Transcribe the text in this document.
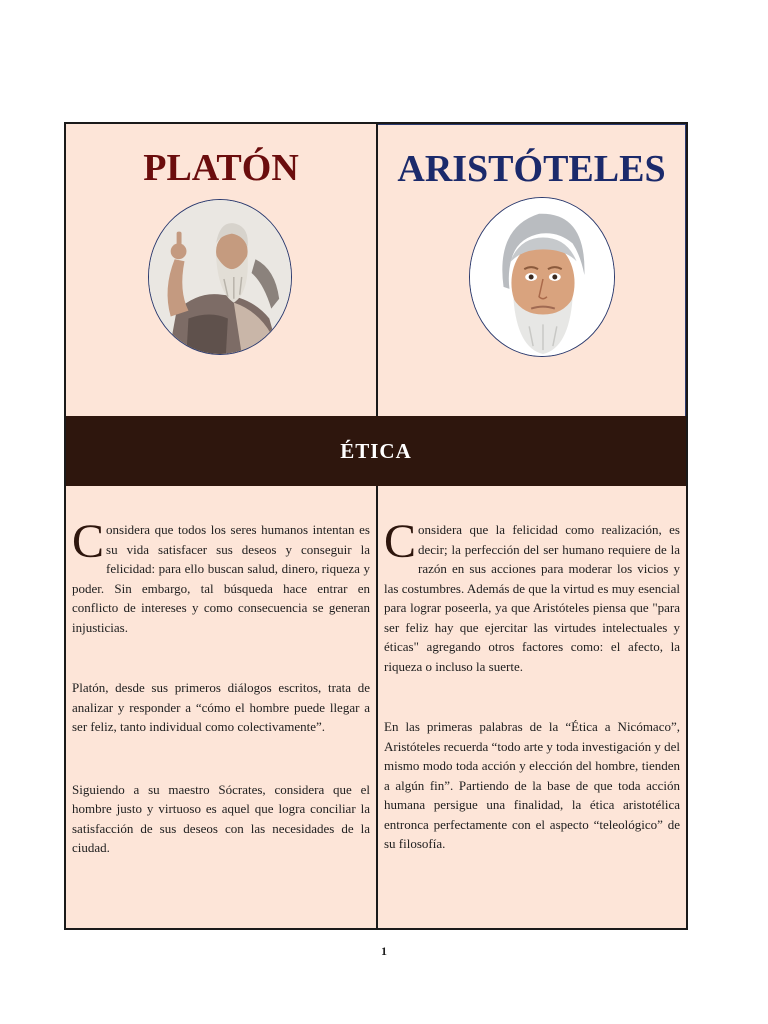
PLATÓN	ARISTÓTELES
ÉTICA

Considera que todos los seres humanos intentan es su vida satisfacer sus deseos y conseguir la felicidad: para ello buscan salud, dinero, riqueza y poder. Sin embargo, tal búsqueda hace entrar en conflicto de intereses y como consecuencia se generan injusticias.

Platón, desde sus primeros diálogos escritos, trata de analizar y responder a “cómo el hombre puede llegar a ser feliz, tanto individual como colectivamente”.

Siguiendo a su maestro Sócrates, considera que el hombre justo y virtuoso es aquel que logra conciliar la satisfacción de sus deseos con las necesidades de la ciudad.

Considera que la felicidad como realización, es decir; la perfección del ser humano requiere de la razón en sus acciones para moderar los vicios y las costumbres. Además de que la virtud es muy esencial para lograr poseerla, ya que Aristóteles piensa que "para ser feliz hay que ejercitar las virtudes intelectuales y éticas" agregando otros factores como: el afecto, la riqueza o incluso la suerte.

En las primeras palabras de la “Ética a Nicómaco”, Aristóteles recuerda “todo arte y toda investigación y del mismo modo toda acción y elección del hombre, tienden a algún fin”. Partiendo de la base de que toda acción humana persigue una finalidad, la ética aristotélica entronca perfectamente con el aspecto “teleológico” de su filosofía.

1
